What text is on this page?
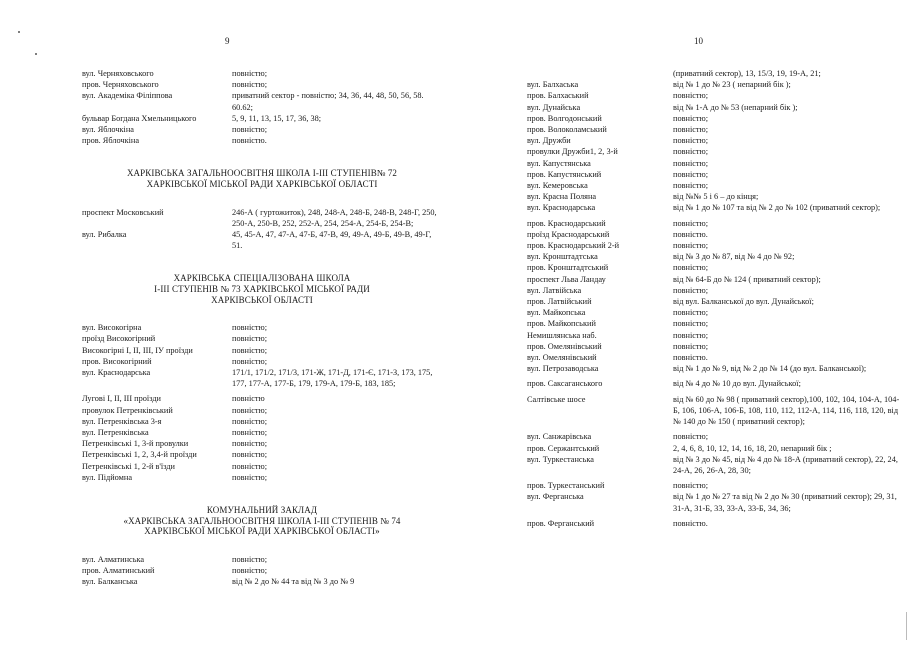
9
вул. Черняховського	повністю;
пров. Черняховського	повністю;
вул. Академіка Філіппова	приватний сектор - повністю; 34, 36, 44, 48, 50, 56, 58. 60.62;
бульвар Богдана Хмельницького	5, 9, 11, 13, 15, 17, 36, 38;
вул. Яблочкіна	повністю;
пров. Яблочкіна	повністю.
ХАРКІВСЬКА ЗАГАЛЬНООСВІТНЯ ШКОЛА І-ІІІ СТУПЕНІВ№ 72
ХАРКІВСЬКОЇ МІСЬКОЇ РАДИ ХАРКІВСЬКОЇ ОБЛАСТІ
проспект Московський	246-А ( гуртожиток), 248, 248-А, 248-Б, 248-В, 248-Г, 250, 250-А, 250-В, 252, 252-А, 254, 254-А, 254-Б, 254-В;
вул. Рибалка	45, 45-А, 47, 47-А, 47-Б, 47-В, 49, 49-А, 49-Б, 49-В, 49-Г, 51.
ХАРКІВСЬКА СПЕЦІАЛІЗОВАНА ШКОЛА
І-ІІІ СТУПЕНІВ № 73 ХАРКІВСЬКОЇ МІСЬКОЇ РАДИ
ХАРКІВСЬКОЇ ОБЛАСТІ
вул. Високогірна	повністю;
проїзд Високогірний	повністю;
Високогірні І, ІІ, ІІІ, ІУ проїзди	повністю;
пров. Високогірний	повністю;
вул. Краснодарська	171/1, 171/2, 171/3, 171-Ж, 171-Д, 171-Є, 171-З, 173, 175, 177, 177-А, 177-Б, 179, 179-А, 179-Б, 183, 185;
Лугові І, ІІ, ІІІ проїзди	повністю
провулок Петренківський	повністю;
вул. Петренківська 3-я	повністю;
вул. Петренківська	повністю;
Петренківські 1, 3-й провулки	повністю;
Петренківські 1, 2, 3,4-й проїзди	повністю;
Петренківські 1, 2-й в'їзди	повністю;
вул. Підйомна	повністю;
КОМУНАЛЬНИЙ ЗАКЛАД
«ХАРКІВСЬКА ЗАГАЛЬНООСВІТНЯ ШКОЛА І-ІІІ СТУПЕНІВ № 74
ХАРКІВСЬКОЇ МІСЬКОЇ РАДИ ХАРКІВСЬКОЇ ОБЛАСТІ»
вул. Алматинська	повністю;
пров. Алматинський	повністю;
вул. Балканська	від № 2 до № 44 та від № 3 до № 9
10
(приватний сектор), 13, 15/3, 19, 19-А, 21;
вул. Балхаська	від № 1 до № 23 ( непарний бік );
пров. Балхаський	повністю;
вул. Дунайська	від № 1-А до № 53 (непарний бік );
пров. Волгодонський	повністю;
пров. Волоколамський	повністю;
вул. Дружби	повністю;
провулки Дружби1, 2, 3-й	повністю;
вул. Капустянська	повністю;
пров. Капустянський	повністю;
вул. Кемеровська	повністю;
вул. Красна Поляна	від №№ 5 і 6 – до кінця;
вул. Краснодарська	від № 1 до № 107 та від № 2 до № 102 (приватний сектор);
пров. Краснодарський	повністю;
проїзд Краснодарський	повністю.
пров. Краснодарський 2-й	повністю;
вул. Кронштадтська	від № 3 до № 87, від № 4 до № 92;
пров. Кронштадтський	повністю;
проспект Льва Ландау	від № 64-Б до № 124 ( приватний сектор);
вул. Латвійська	повністю;
пров. Латвійський	від вул. Балканської до вул. Дунайської;
вул. Майкопська	повністю;
пров. Майкопський	повністю;
Немишлянська наб.	повністю;
пров. Омелянівський	повністю;
вул. Омелянівський	повністю.
вул. Петрозаводська	від № 1 до № 9, від № 2 до № 14 (до вул. Балканської);
пров. Саксаганського	від № 4 до № 10 до вул. Дунайської;
Салтівське шосе	від № 60 до № 98 ( приватний сектор),100, 102, 104, 104-А, 104-Б, 106, 106-А, 106-Б, 108, 110, 112, 112-А, 114, 116, 118, 120, від № 140 до № 150 ( приватний сектор);
вул. Санжарівська	повністю;
пров. Сержантський	2, 4, 6, 8, 10, 12, 14, 16, 18, 20, непарний бік ;
вул. Туркестанська	від № 3 до № 45, від № 4 до № 18-А (приватний сектор), 22, 24, 24-А, 26, 26-А, 28, 30;
пров. Туркестанський	повністю;
вул. Ферганська	від № 1 до № 27 та від № 2 до № 30 (приватний сектор); 29, 31, 31-А, 31-Б, 33, 33-А, 33-Б, 34, 36;
пров. Ферганський	повністю.
